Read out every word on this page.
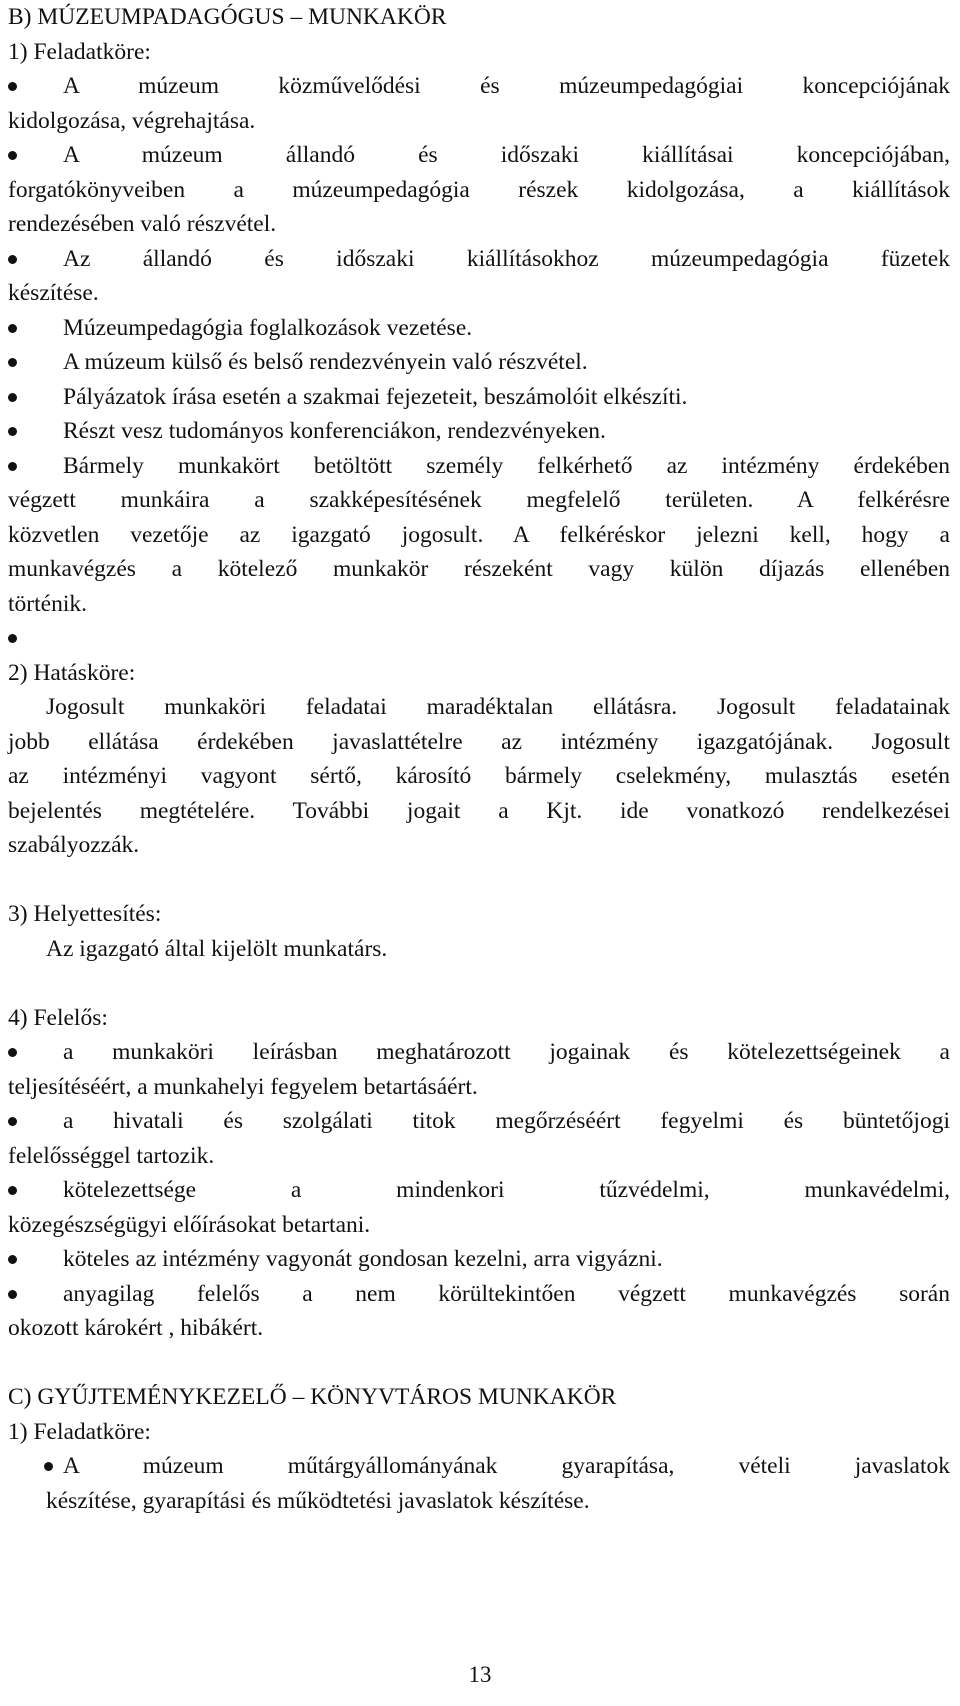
B) MÚZEUMPADAGÓGUS – MUNKAKÖR
1) Feladatköre:
A múzeum közművelődési és múzeumpedagógiai koncepciójának
kidolgozása, végrehajtása.
A múzeum állandó és időszaki kiállításai koncepciójában,
forgatókönyveiben a múzeumpedagógia részek kidolgozása, a kiállítások
rendezésében való részvétel.
Az állandó és időszaki kiállításokhoz múzeumpedagógia füzetek
készítése.
Múzeumpedagógia foglalkozások vezetése.
A múzeum külső és belső rendezvényein való részvétel.
Pályázatok írása esetén a szakmai fejezeteit, beszámolóit elkészíti.
Részt vesz tudományos konferenciákon, rendezvényeken.
Bármely munkakört betöltött személy felkérhető az intézmény érdekében
végzett munkáira a szakképesítésének megfelelő területen. A felkérésre
közvetlen vezetője az igazgató jogosult. A felkéréskor jelezni kell, hogy a
munkavégzés a kötelező munkakör részeként vagy külön díjazás ellenében
történik.

2) Hatásköre:
Jogosult munkaköri feladatai maradéktalan ellátásra. Jogosult feladatainak
jobb ellátása érdekében javaslattételre az intézmény igazgatójának. Jogosult
az intézményi vagyont sértő, károsító bármely cselekmény, mulasztás esetén
bejelentés megtételére. További jogait a Kjt. ide vonatkozó rendelkezései
szabályozzák.
3) Helyettesítés:
Az igazgató által kijelölt munkatárs.
4) Felelős:
a munkaköri leírásban meghatározott jogainak és kötelezettségeinek a
teljesítéséért, a munkahelyi fegyelem betartásáért.
a hivatali és szolgálati titok megőrzéséért fegyelmi és büntetőjogi
felelősséggel tartozik.
kötelezettsége a mindenkori tűzvédelmi, munkavédelmi,
közegészségügyi előírásokat betartani.
köteles az intézmény vagyonát gondosan kezelni, arra vigyázni.
anyagilag felelős a nem körültekintően végzett munkavégzés során
okozott károkért , hibákért.
C) GYŰJTEMÉNYKEZELŐ – KÖNYVTÁROS MUNKAKÖR
1) Feladatköre:
A múzeum műtárgyállományának gyarapítása, vételi javaslatok
készítése, gyarapítási és működtetési javaslatok készítése.
13
